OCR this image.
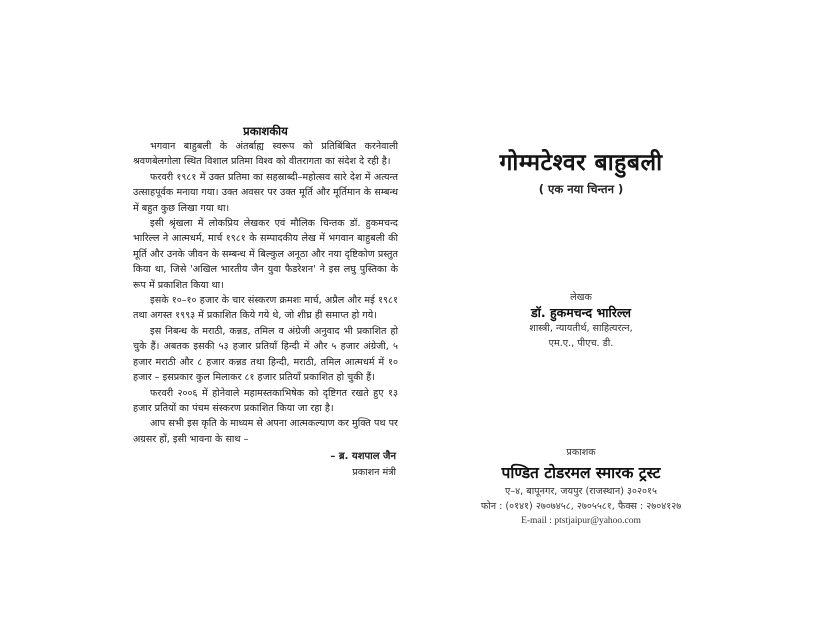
प्रकाशकीय

भगवान बाहुबली के अंतर्बाह्य स्वरूप को प्रतिबिंबित करनेवाली श्रवणबेलगोला स्थित विशाल प्रतिमा विश्व को वीतरागता का संदेश दे रही है।

फरवरी १९८१ में उक्त प्रतिमा का सहस्राब्दी–महोत्सव सारे देश में अत्यन्त उत्साहपूर्वक मनाया गया। उक्त अवसर पर उक्त मूर्ति और मूर्तिमान के सम्बन्ध में बहुत कुछ लिखा गया था।

इसी श्रृंखला में लोकप्रिय लेखकर एवं मौलिक चिन्तक डॉ. हुकमचन्द भारिल्ल ने आत्मधर्म, मार्च १९८१ के सम्पादकीय लेख में भगवान बाहुबली की मूर्ति और उनके जीवन के सम्बन्ध में बिल्कुल अनूठा और नया दृष्टिकोण प्रस्तुत किया था, जिसे 'अखिल भारतीय जैन युवा फैडरेशन' ने इस लघु पुस्तिका के रूप में प्रकाशित किया था।

इसके १०–१० हजार के चार संस्करण क्रमशः मार्च, अप्रैल और मई १९८१ तथा अगस्त १९९३ में प्रकाशित किये गये थे, जो शीघ्र ही समाप्त हो गये।

इस निबन्ध के मराठी, कन्नड, तमिल व अंग्रेजी अनुवाद भी प्रकाशित हो चुके हैं। अबतक इसकी ५३ हजार प्रतियाँ हिन्दी में और ५ हजार अंग्रेजी, ५ हजार मराठी और ८ हजार कन्नड तथा हिन्दी, मराठी, तमिल आत्मधर्म में १० हजार – इसप्रकार कुल मिलाकर ८१ हजार प्रतियाँ प्रकाशित हो चुकी हैं।

फरवरी २००६ में होनेवाले महामस्तकाभिषेक को दृष्टिगत रखते हुए १३ हजार प्रतियों का पंचम संस्करण प्रकाशित किया जा रहा है।

आप सभी इस कृति के माध्यम से अपना आत्मकल्याण कर मुक्ति पथ पर अग्रसर हों, इसी भावना के साथ –

– ब्र. यशपाल जैन
प्रकाशन मंत्री
गोम्मटेश्वर बाहुबली
( एक नया चिन्तन )
लेखक
डॉ. हुकमचन्द भारिल्ल
शास्त्री, न्यायतीर्थ, साहित्यरत्न,
एम.ए., पीएच. डी.
प्रकाशक
पण्डित टोडरमल स्मारक ट्रस्ट
ए–४, बापूनगर, जयपुर (राजस्थान) ३०२०१५
फोन : (०१४१) २७०७४५८, २७०५५८१, फैक्स : २७०४१२७
E-mail : ptstjaipur@yahoo.com
